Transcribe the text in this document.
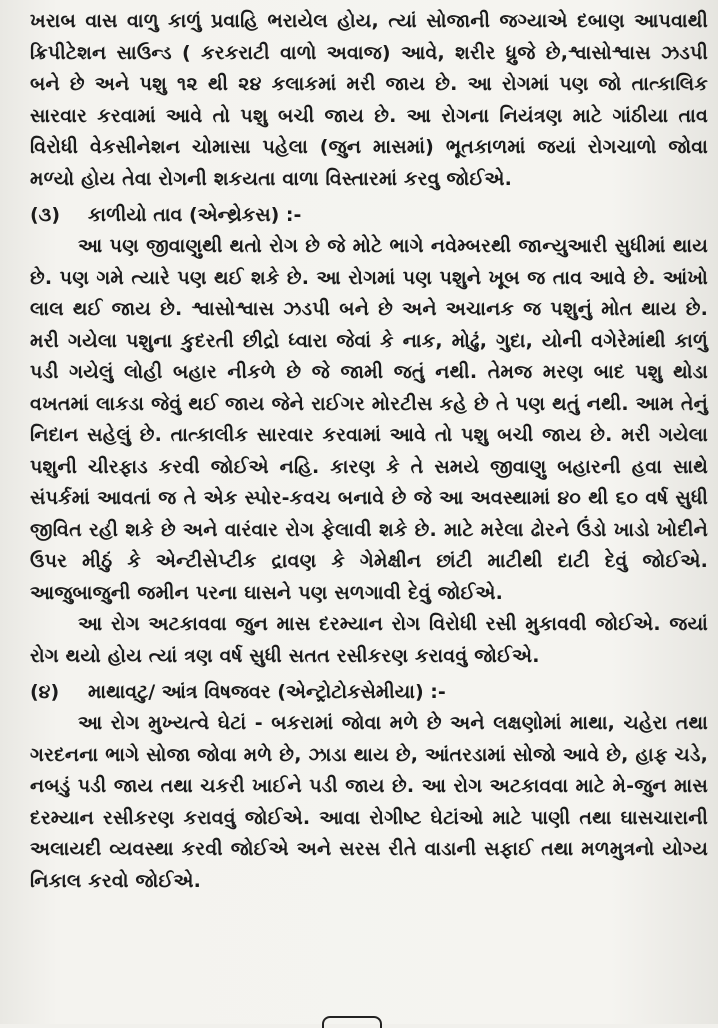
ખરાબ વાસ વાળુ કાળું પ્રવાહિ ભરાયેલ હોય, ત્યાં સોજાની જગ્યાએ દબાણ આપવાથી ક્રિપીટેશન સાઉન્ડ ( કરકરાટી વાળો અવાજ) આવે, શરીર ધ્રુજે છે,શ્વાસોશ્વાસ ઝડપી બને છે અને પશુ ૧૨ થી ૨૪ કલાકમાં મરી જાય છે. આ રોગમાં પણ જો તાત્કાલિક સારવાર કરવામાં આવે તો પશુ બચી જાય છે. આ રોગના નિયંત્રણ માટે ગાંઠીયા તાવ વિરોધી વેકસીનેશન ચોમાસા પહેલા (જુન માસમાં) ભૂતકાળમાં જયાં રોગચાળો જોવા મળ્યો હોય તેવા રોગની શકયતા વાળા વિસ્તારમાં કરવુ જોઈએ.

(૩)	કાળીયો તાવ (એન્થ્રેકસ) :-

આ પણ જીવાણુથી થતો રોગ છે જે મોટે ભાગે નવેમ્બરથી જાન્યુઆરી સુધીમાં થાય છે. પણ ગમે ત્યારે પણ થઈ શકે છે. આ રોગમાં પણ પશુને ખૂબ જ તાવ આવે છે. આંખો લાલ થઈ જાય છે. શ્વાસોશ્વાસ ઝડપી બને છે અને અચાનક જ પશુનું મોત થાય છે. મરી ગયેલા પશુના કુદરતી છીદ્રો ધ્વારા જેવાં કે નાક, મોઢું, ગુદા, યોની વગેરેમાંથી કાળું પડી ગયેલું લોહી બહાર નીકળે છે જે જામી જતું નથી. તેમજ મરણ બાદ પશુ થોડા વખતમાં લાકડા જેવું થઈ જાય જેને રાઈગર મોરટીસ કહે છે તે પણ થતું નથી. આમ તેનું નિદાન સહેલું છે. તાત્કાલીક સારવાર કરવામાં આવે તો પશુ બચી જાય છે. મરી ગયેલા પશુની ચીરફાડ કરવી જોઈએ નહિ. કારણ કે તે સમયે જીવાણુ બહારની હવા સાથે સંપર્કમાં આવતાં જ તે એક સ્પોર-કવચ બનાવે છે જે આ અવસ્થામાં ૪૦ થી ૬૦ વર્ષ સુધી જીવિત રહી શકે છે અને વારંવાર રોગ ફેલાવી શકે છે. માટે મરેલા ઢોરને ઉંડો ખાડો ખોદીને ઉપર મીઠું કે એન્ટીસેપ્ટીક દ્રાવણ કે ગેમેક્ષીન છાંટી માટીથી દાટી દેવું જોઈએ. આજુબાજુની જમીન પરના ઘાસને પણ સળગાવી દેવું જોઈએ.

આ રોગ અટકાવવા જુન માસ દરમ્યાન રોગ વિરોધી રસી મુકાવવી જોઈએ. જયાં રોગ થયો હોય ત્યાં ત્રણ વર્ષ સુધી સતત રસીકરણ કરાવવું જોઈએ.

(૪)	માથાવટુ/ આંત્ર વિષજવર (એન્ટ્રોટોકસેમીયા) :-

આ રોગ મુખ્યત્વે ઘેટાં - બકરામાં જોવા મળે છે અને લક્ષણોમાં માથા, ચહેરા તથા ગરદનના ભાગે સોજા જોવા મળે છે, ઝાડા થાય છે, આંતરડામાં સોજો આવે છે, હાફ ચડે, નબડું પડી જાય તથા ચકરી ખાઈને પડી જાય છે. આ રોગ અટકાવવા માટે મે-જુન માસ દરમ્યાન રસીકરણ કરાવવું જોઈએ. આવા રોગીષ્ટ ઘેટાંઓ માટે પાણી તથા ઘાસચારાની અલાયદી વ્યવસ્થા કરવી જોઈએ અને સરસ રીતે વાડાની સફાઈ તથા મળમુત્રનો યોગ્ય નિકાલ કરવો જોઈએ.
